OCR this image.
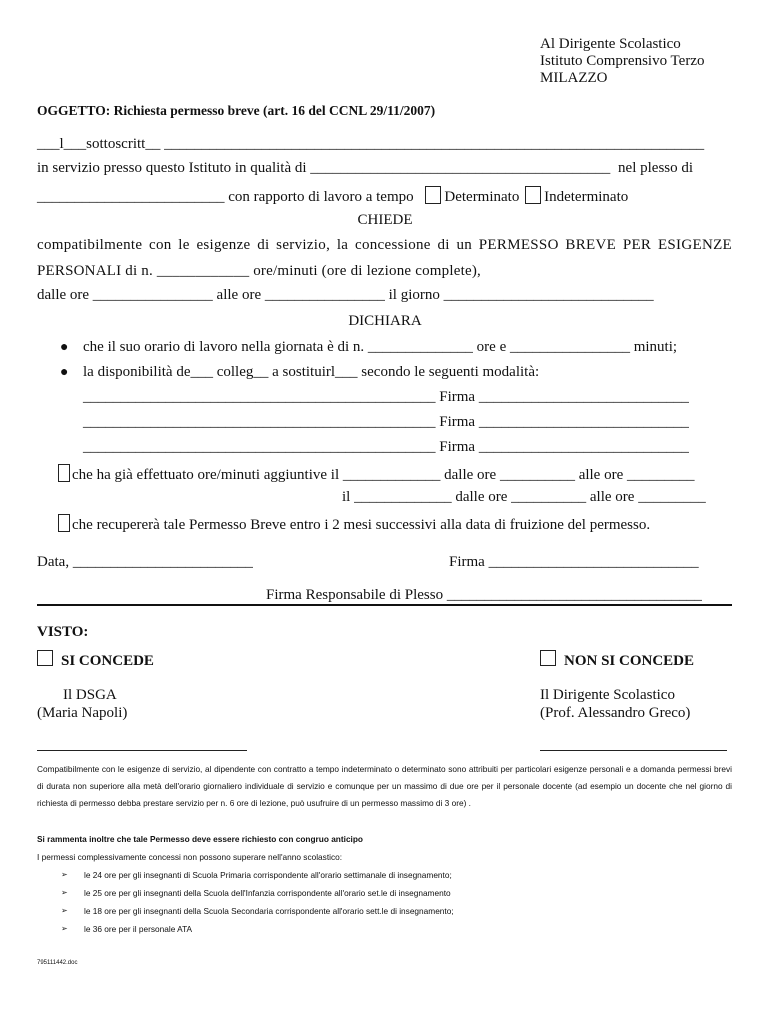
Al Dirigente Scolastico
Istituto Comprensivo Terzo
MILAZZO
OGGETTO: Richiesta permesso breve (art. 16 del CCNL 29/11/2007)
___l___sottoscritt__ ________________________________________________________________________
in servizio presso questo Istituto in qualità di ________________________________________ nel plesso di
_________________________ con rapporto di lavoro a tempo Determinato Indeterminato
CHIEDE
compatibilmente con le esigenze di servizio, la concessione di un PERMESSO BREVE PER ESIGENZE
PERSONALI di n. ____________ ore/minuti (ore di lezione complete),
dalle ore ________________ alle ore ________________ il giorno ____________________________
DICHIARA
● che il suo orario di lavoro nella giornata è di n. ______________ ore e ________________ minuti;
● la disponibilità de___ colleg__ a sostituirl___ secondo le seguenti modalità:
_______________________________________________ Firma ____________________________
_______________________________________________ Firma ____________________________
_______________________________________________ Firma ____________________________
che ha già effettuato ore/minuti aggiuntive il _____________ dalle ore __________ alle ore _________
il _____________ dalle ore __________ alle ore _________
che recupererà tale Permesso Breve entro i 2 mesi successivi alla data di fruizione del permesso.
Data, ________________________	Firma ____________________________
Firma Responsabile di Plesso __________________________________
VISTO:
SI CONCEDE	NON SI CONCEDE
Il DSGA
(Maria Napoli)
Il Dirigente Scolastico
(Prof. Alessandro Greco)
Compatibilmente con le esigenze di servizio, al dipendente con contratto a tempo indeterminato o determinato sono attribuiti per particolari esigenze personali e a domanda permessi brevi di durata non superiore alla metà dell'orario giornaliero individuale di servizio e comunque per un massimo di due ore per il personale docente (ad esempio un docente che nel giorno di richiesta di permesso debba prestare servizio per n. 6 ore di lezione, può usufruire di un permesso massimo di 3 ore) .
Si rammenta inoltre che tale Permesso deve essere richiesto con congruo anticipo
I permessi complessivamente concessi non possono superare nell'anno scolastico:
➢ le 24 ore per gli insegnanti di Scuola Primaria corrispondente all'orario settimanale di insegnamento;
➢ le 25 ore per gli insegnanti della Scuola dell'Infanzia corrispondente all'orario set.le di insegnamento
➢ le 18 ore per gli insegnanti della Scuola Secondaria corrispondente all'orario sett.le di insegnamento;
➢ le 36 ore per il personale ATA
795111442.doc
